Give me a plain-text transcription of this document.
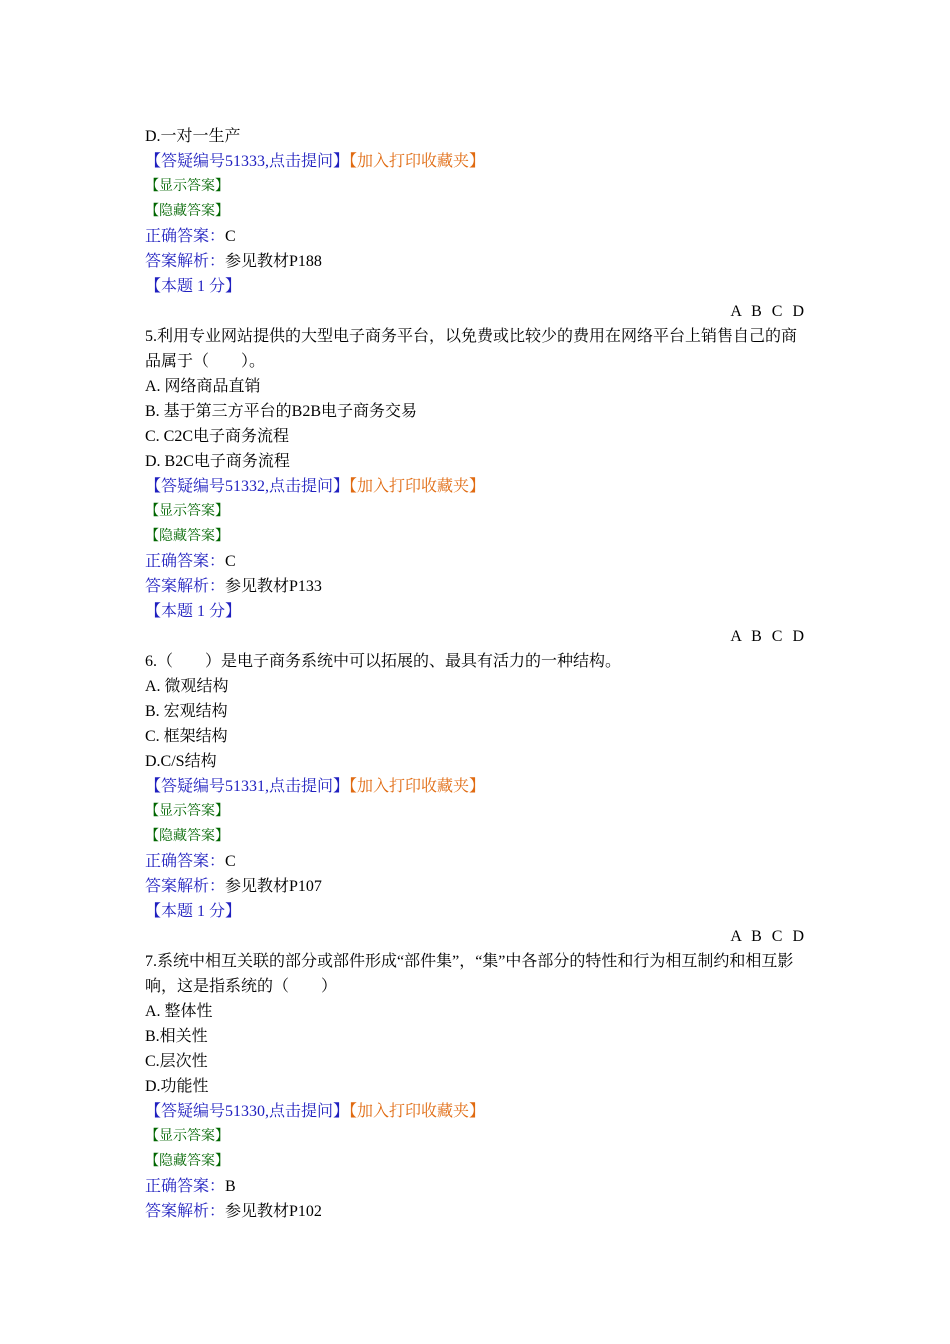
D.一对一生产
【答疑编号51333,点击提问】【加入打印收藏夹】
【显示答案】
【隐藏答案】
正确答案：C
答案解析：参见教材P188
【本题 1 分】
A B C D
5.利用专业网站提供的大型电子商务平台，以免费或比较少的费用在网络平台上销售自己的商品属于（　　）。
A. 网络商品直销
B. 基于第三方平台的B2B电子商务交易
C. C2C电子商务流程
D. B2C电子商务流程
【答疑编号51332,点击提问】【加入打印收藏夹】
【显示答案】
【隐藏答案】
正确答案：C
答案解析：参见教材P133
【本题 1 分】
A B C D
6.（　　）是电子商务系统中可以拓展的、最具有活力的一种结构。
A. 微观结构
B. 宏观结构
C. 框架结构
D.C/S结构
【答疑编号51331,点击提问】【加入打印收藏夹】
【显示答案】
【隐藏答案】
正确答案：C
答案解析：参见教材P107
【本题 1 分】
A B C D
7.系统中相互关联的部分或部件形成“部件集”，“集”中各部分的特性和行为相互制约和相互影响，这是指系统的（　　）
A. 整体性
B.相关性
C.层次性
D.功能性
【答疑编号51330,点击提问】【加入打印收藏夹】
【显示答案】
【隐藏答案】
正确答案：B
答案解析：参见教材P102
